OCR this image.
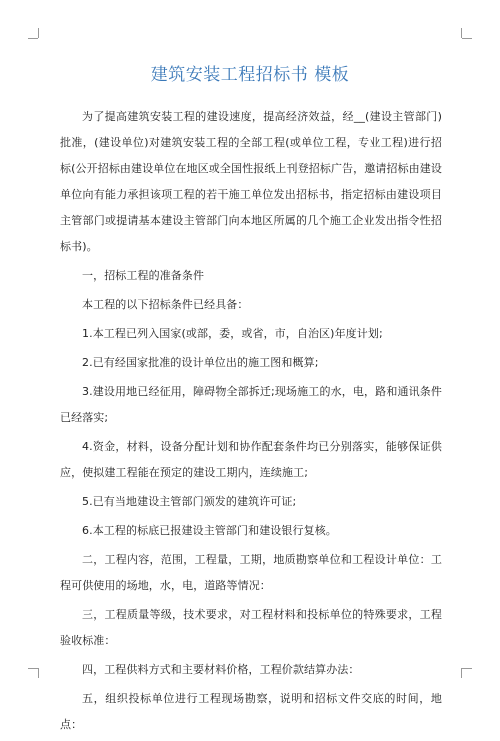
建筑安装工程招标书 模板

为了提高建筑安装工程的建设速度，提高经济效益，经__(建设主管部门)批准，(建设单位)对建筑安装工程的全部工程(或单位工程，专业工程)进行招标(公开招标由建设单位在地区或全国性报纸上刊登招标广告，邀请招标由建设单位向有能力承担该项工程的若干施工单位发出招标书，指定招标由建设项目主管部门或提请基本建设主管部门向本地区所属的几个施工企业发出指令性招标书)。

一，招标工程的准备条件

本工程的以下招标条件已经具备：

1.本工程已列入国家(或部，委，或省，市，自治区)年度计划;

2.已有经国家批准的设计单位出的施工图和概算;

3.建设用地已经征用，障碍物全部拆迁;现场施工的水，电，路和通讯条件已经落实;

4.资金，材料，设备分配计划和协作配套条件均已分别落实，能够保证供应，使拟建工程能在预定的建设工期内，连续施工;

5.已有当地建设主管部门颁发的建筑许可证;

6.本工程的标底已报建设主管部门和建设银行复核。

二，工程内容，范围，工程量，工期，地质勘察单位和工程设计单位：工程可供使用的场地，水，电，道路等情况：

三，工程质量等级，技术要求，对工程材料和投标单位的特殊要求，工程验收标准：

四，工程供料方式和主要材料价格，工程价款结算办法：

五，组织投标单位进行工程现场勘察，说明和招标文件交底的时间，地点：
